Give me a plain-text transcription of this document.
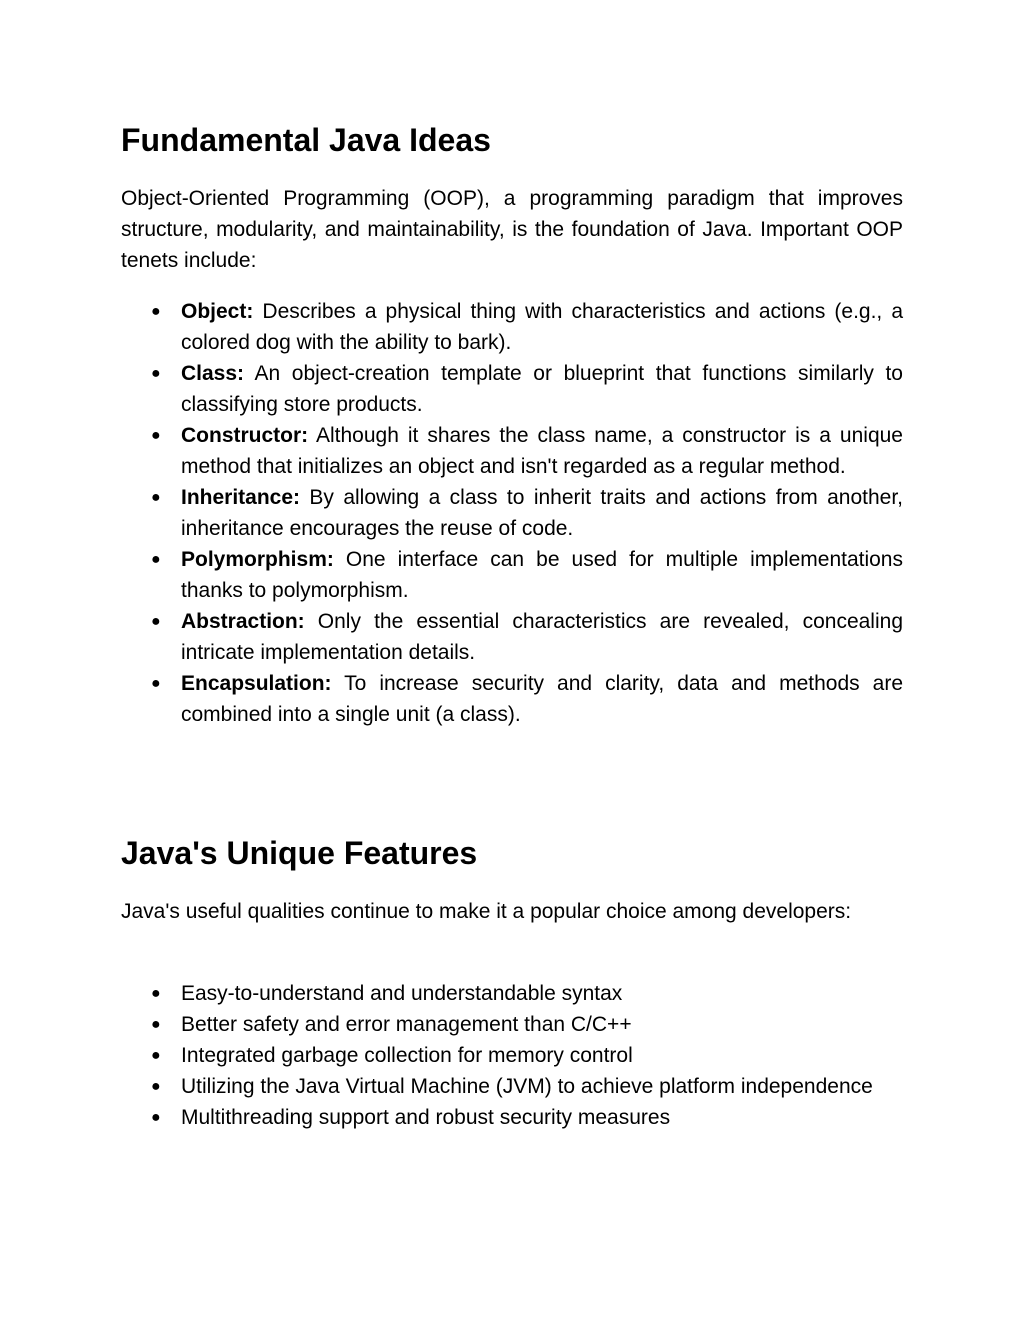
Fundamental Java Ideas

Object-Oriented Programming (OOP), a programming paradigm that improves structure, modularity, and maintainability, is the foundation of Java. Important OOP tenets include:

● Object: Describes a physical thing with characteristics and actions (e.g., a colored dog with the ability to bark).
● Class: An object-creation template or blueprint that functions similarly to classifying store products.
● Constructor: Although it shares the class name, a constructor is a unique method that initializes an object and isn't regarded as a regular method.
● Inheritance: By allowing a class to inherit traits and actions from another, inheritance encourages the reuse of code.
● Polymorphism: One interface can be used for multiple implementations thanks to polymorphism.
● Abstraction: Only the essential characteristics are revealed, concealing intricate implementation details.
● Encapsulation: To increase security and clarity, data and methods are combined into a single unit (a class).
Java's Unique Features

Java's useful qualities continue to make it a popular choice among developers:

● Easy-to-understand and understandable syntax
● Better safety and error management than C/C++
● Integrated garbage collection for memory control
● Utilizing the Java Virtual Machine (JVM) to achieve platform independence
● Multithreading support and robust security measures
